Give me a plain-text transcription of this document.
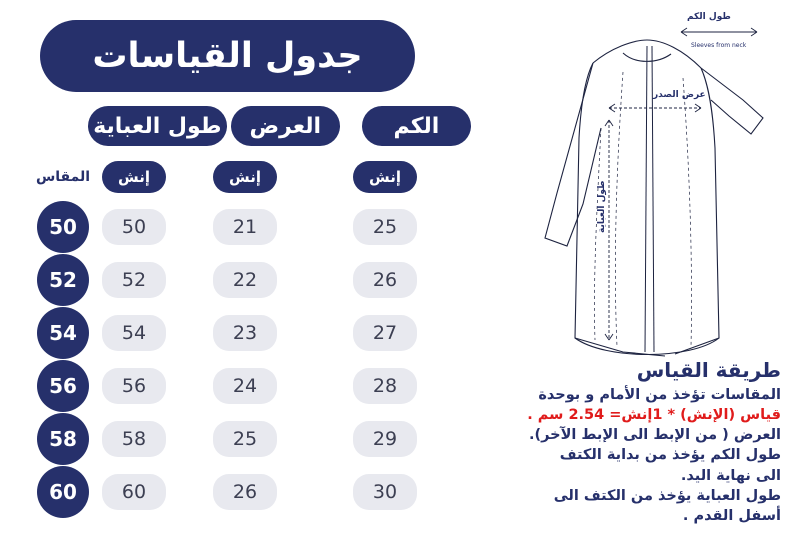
جدول القياسات
الكم
العرض
طول العباية
إنش
إنش
إنش
المقاس
25
21
50
50
26
22
52
52
27
23
54
54
28
24
56
56
29
25
58
58
30
26
60
60
طول الكم
Sleeves from neck
عرض الصدر
طول العباية
طريقة القياس
المقاسات تؤخذ من الأمام و بوحدة
قياس (الإنش) * 1إنش= 2.54 سم .
العرض ( من الإبط الى الإبط الآخر).
طول الكم يؤخذ من بداية الكتف
الى نهاية اليد.
طول العباية يؤخذ من الكتف الى
أسفل القدم .
